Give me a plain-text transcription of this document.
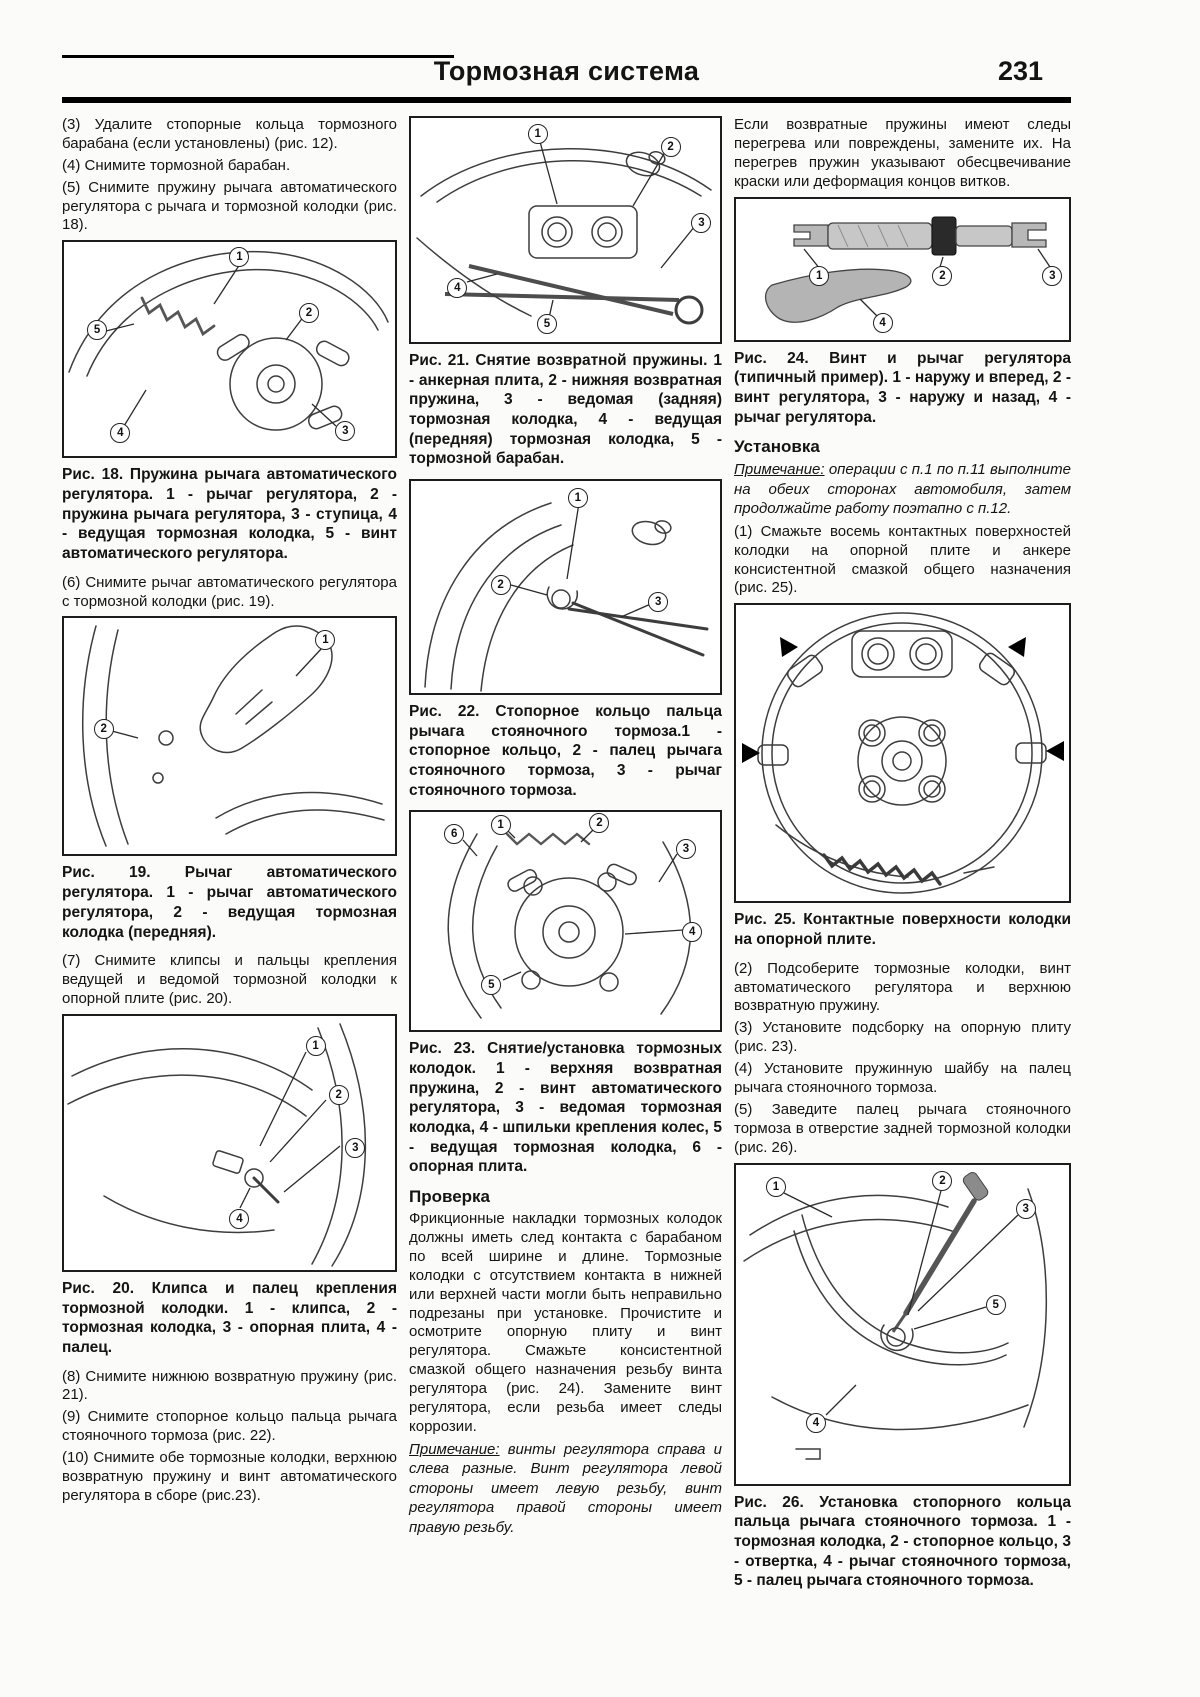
Тормозная система	231

(3) Удалите стопорные кольца тормозного барабана (если установлены) (рис. 12).

(4) Снимите тормозной барабан.

(5) Снимите пружину рычага автоматического регулятора с рычага и тормозной колодки (рис. 18).

1
2
3
4
5

Рис. 18. Пружина рычага автоматического регулятора. 1 - рычаг регулятора, 2 - пружина рычага регулятора, 3 - ступица, 4 - ведущая тормозная колодка, 5 - винт автоматического регулятора.

(6) Снимите рычаг автоматического регулятора с тормозной колодки (рис. 19).

1
2

Рис. 19. Рычаг автоматического регулятора. 1 - рычаг автоматического регулятора, 2 - ведущая тормозная колодка (передняя).

(7) Снимите клипсы и пальцы крепления ведущей и ведомой тормозной колодки к опорной плите (рис. 20).

1
2
3
4

Рис. 20. Клипса и палец крепления тормозной колодки. 1 - клипса, 2 - тормозная колодка, 3 - опорная плита, 4 - палец.

(8) Снимите нижнюю возвратную пружину (рис. 21).

(9) Снимите стопорное кольцо пальца рычага стояночного тормоза (рис. 22).

(10) Снимите обе тормозные колодки, верхнюю возвратную пружину и винт автоматического регулятора в сборе (рис.23).

1
2
3
4
5

Рис. 21. Снятие возвратной пружины. 1 - анкерная плита, 2 - нижняя возвратная пружина, 3 - ведомая (задняя) тормозная колодка, 4 - ведущая (передняя) тормозная колодка, 5 - тормозной барабан.

1
2
3

Рис. 22. Стопорное кольцо пальца рычага стояночного тормоза.1 - стопорное кольцо, 2 - палец рычага стояночного тормоза, 3 - рычаг стояночного тормоза.

1	2
3
4
5
6

Рис. 23. Снятие/установка тормозных колодок. 1 - верхняя возвратная пружина, 2 - винт автоматического регулятора, 3 - ведомая тормозная колодка, 4 - шпильки крепления колес, 5 - ведущая тормозная колодка, 6 - опорная плита.

Проверка

Фрикционные накладки тормозных колодок должны иметь след контакта с барабаном по всей ширине и длине. Тормозные колодки с отсутствием контакта в нижней или верхней части могли быть неправильно подрезаны при установке. Прочистите и осмотрите опорную плиту и винт регулятора. Смажьте консистентной смазкой общего назначения резьбу винта регулятора (рис. 24). Замените винт регулятора, если резьба имеет следы коррозии.

Примечание: винты регулятора справа и слева разные. Винт регулятора левой стороны имеет левую резьбу, винт регулятора правой стороны имеет правую резьбу.

Если возвратные пружины имеют следы перегрева или повреждены, замените их. На перегрев пружин указывают обесцвечивание краски или деформация концов витков.

1	2	3
4

Рис. 24. Винт и рычаг регулятора (типичный пример). 1 - наружу и вперед, 2 - винт регулятора, 3 - наружу и назад, 4 - рычаг регулятора.

Установка

Примечание: операции с п.1 по п.11 выполните на обеих сторонах автомобиля, затем продолжайте работу поэтапно с п.12.

(1) Смажьте восемь контактных поверхностей колодки на опорной плите и анкере консистентной смазкой общего назначения (рис. 25).

Рис. 25. Контактные поверхности колодки на опорной плите.

(2) Подсоберите тормозные колодки, винт автоматического регулятора и верхнюю возвратную пружину.

(3) Установите подсборку на опорную плиту (рис. 23).

(4) Установите пружинную шайбу на палец рычага стояночного тормоза.

(5) Заведите палец рычага стояночного тормоза в отверстие задней тормозной колодки (рис. 26).

1
2
3
4
5

Рис. 26. Установка стопорного кольца пальца рычага стояночного тормоза. 1 - тормозная колодка, 2 - стопорное кольцо, 3 - отвертка, 4 - рычаг стояночного тормоза, 5 - палец рычага стояночного тормоза.
